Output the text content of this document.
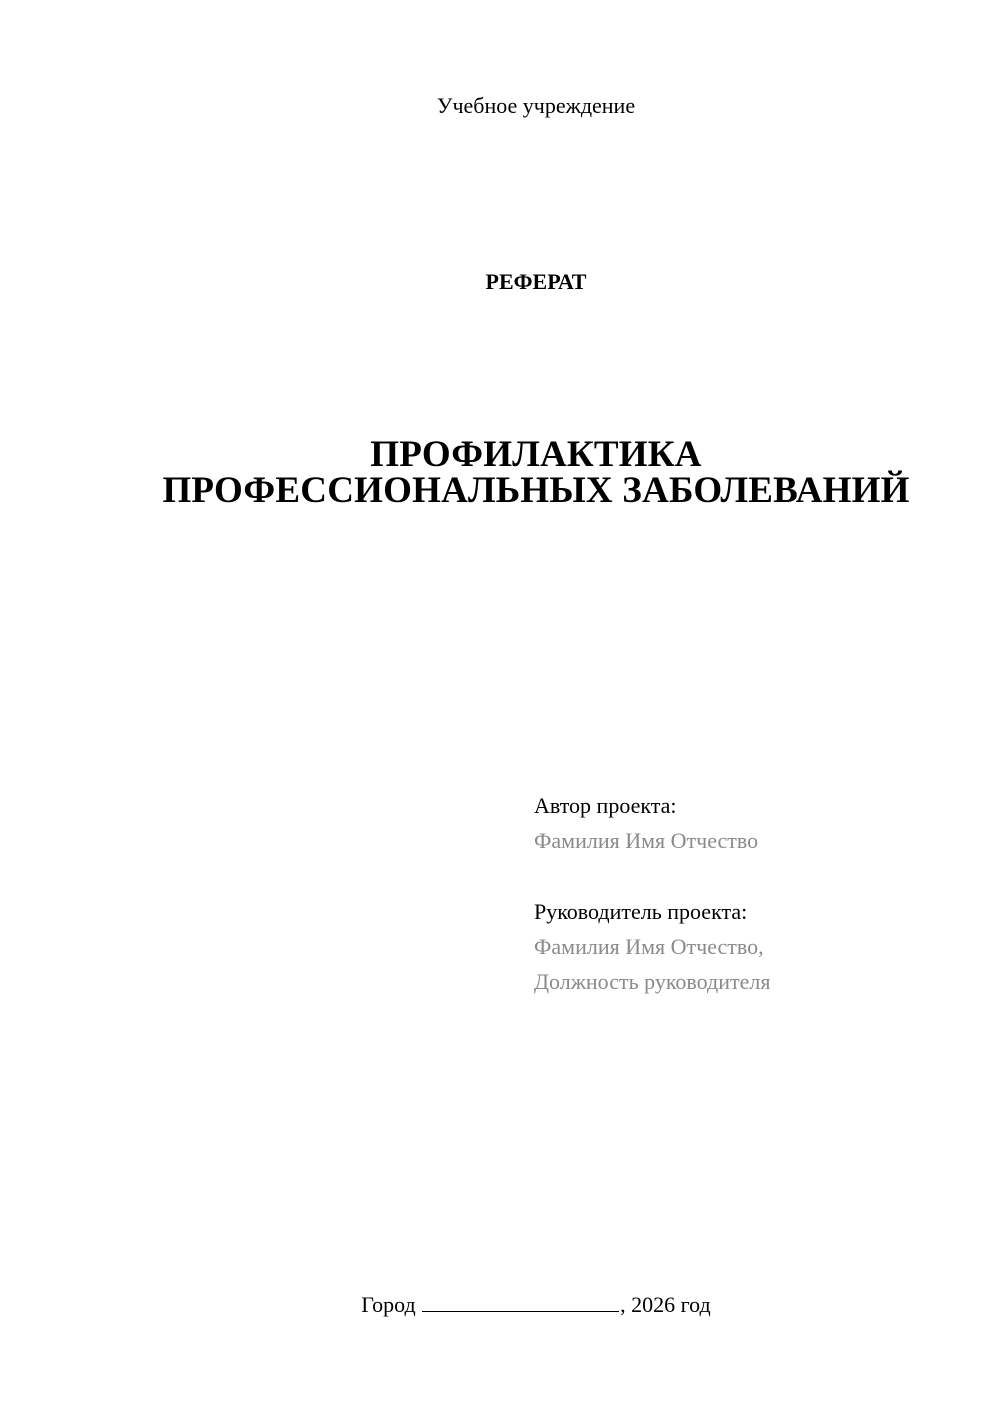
Учебное учреждение
РЕФЕРАТ
ПРОФИЛАКТИКА
ПРОФЕССИОНАЛЬНЫХ ЗАБОЛЕВАНИЙ
Автор проекта:
Фамилия Имя Отчество
Руководитель проекта:
Фамилия Имя Отчество,
Должность руководителя
Город	, 2026 год
